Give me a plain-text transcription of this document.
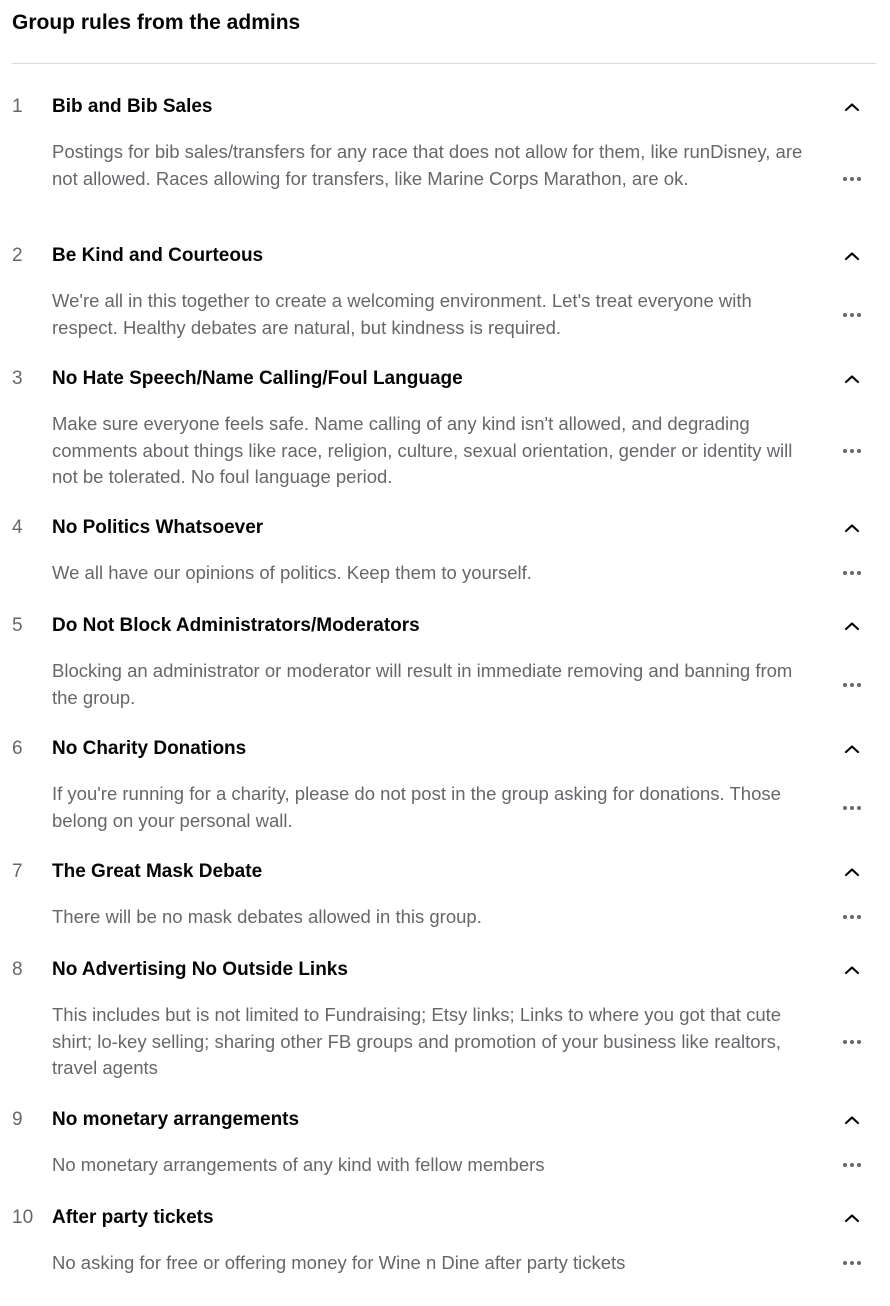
Group rules from the admins
1 Bib and Bib Sales
Postings for bib sales/transfers for any race that does not allow for them, like runDisney, are not allowed. Races allowing for transfers, like Marine Corps Marathon, are ok.
2 Be Kind and Courteous
We're all in this together to create a welcoming environment. Let's treat everyone with respect. Healthy debates are natural, but kindness is required.
3 No Hate Speech/Name Calling/Foul Language
Make sure everyone feels safe. Name calling of any kind isn't allowed, and degrading comments about things like race, religion, culture, sexual orientation, gender or identity will not be tolerated. No foul language period.
4 No Politics Whatsoever
We all have our opinions of politics. Keep them to yourself.
5 Do Not Block Administrators/Moderators
Blocking an administrator or moderator will result in immediate removing and banning from the group.
6 No Charity Donations
If you're running for a charity, please do not post in the group asking for donations. Those belong on your personal wall.
7 The Great Mask Debate
There will be no mask debates allowed in this group.
8 No Advertising No Outside Links
This includes but is not limited to Fundraising; Etsy links; Links to where you got that cute shirt; lo-key selling; sharing other FB groups and promotion of your business like realtors, travel agents
9 No monetary arrangements
No monetary arrangements of any kind with fellow members
10 After party tickets
No asking for free or offering money for Wine n Dine after party tickets
